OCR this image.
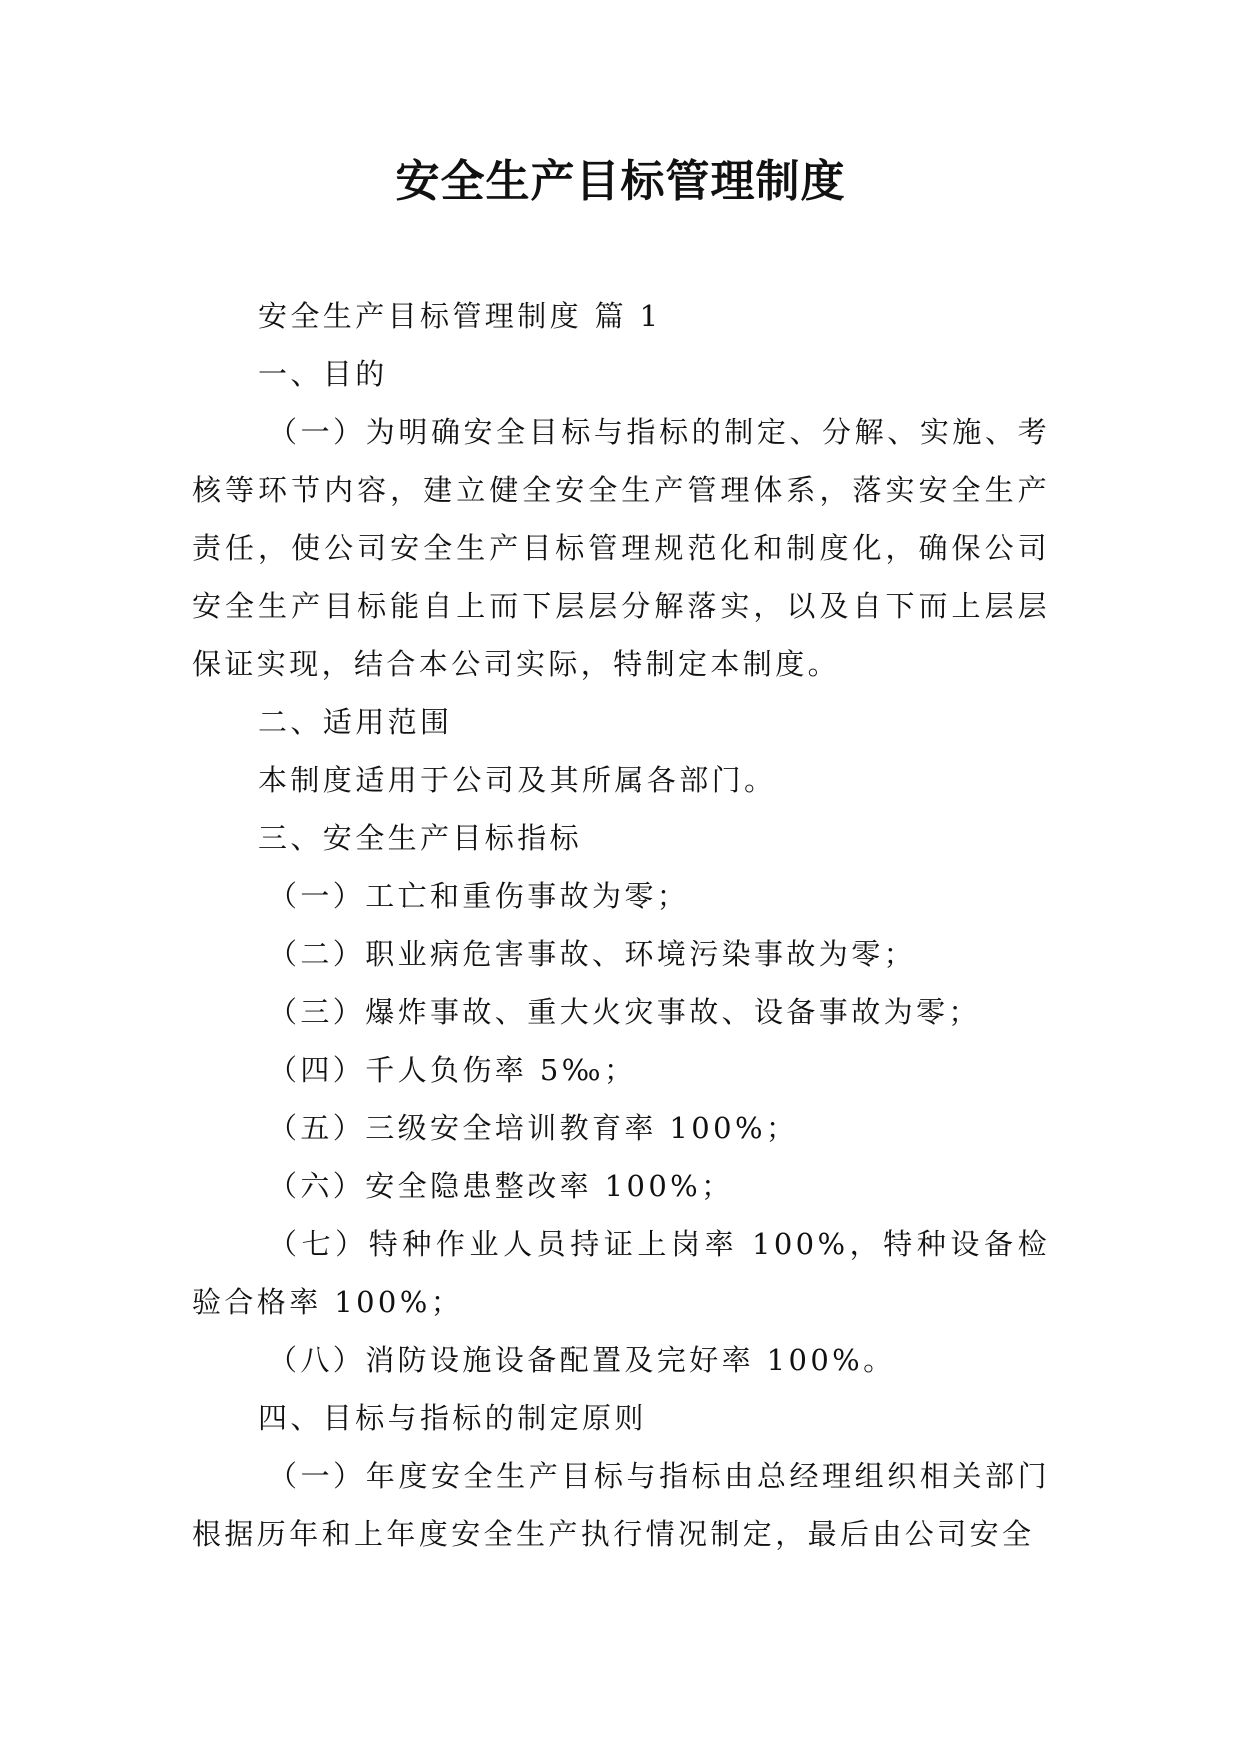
安全生产目标管理制度

安全生产目标管理制度 篇 1

一、目的

（一）为明确安全目标与指标的制定、分解、实施、考核等环节内容，建立健全安全生产管理体系，落实安全生产责任，使公司安全生产目标管理规范化和制度化，确保公司安全生产目标能自上而下层层分解落实，以及自下而上层层保证实现，结合本公司实际，特制定本制度。

二、适用范围

本制度适用于公司及其所属各部门。

三、安全生产目标指标

（一）工亡和重伤事故为零；

（二）职业病危害事故、环境污染事故为零；

（三）爆炸事故、重大火灾事故、设备事故为零；

（四）千人负伤率 5‰；

（五）三级安全培训教育率 100%；

（六）安全隐患整改率 100%；

（七）特种作业人员持证上岗率 100%，特种设备检验合格率 100%；

（八）消防设施设备配置及完好率 100%。

四、目标与指标的制定原则

（一）年度安全生产目标与指标由总经理组织相关部门根据历年和上年度安全生产执行情况制定，最后由公司安全
